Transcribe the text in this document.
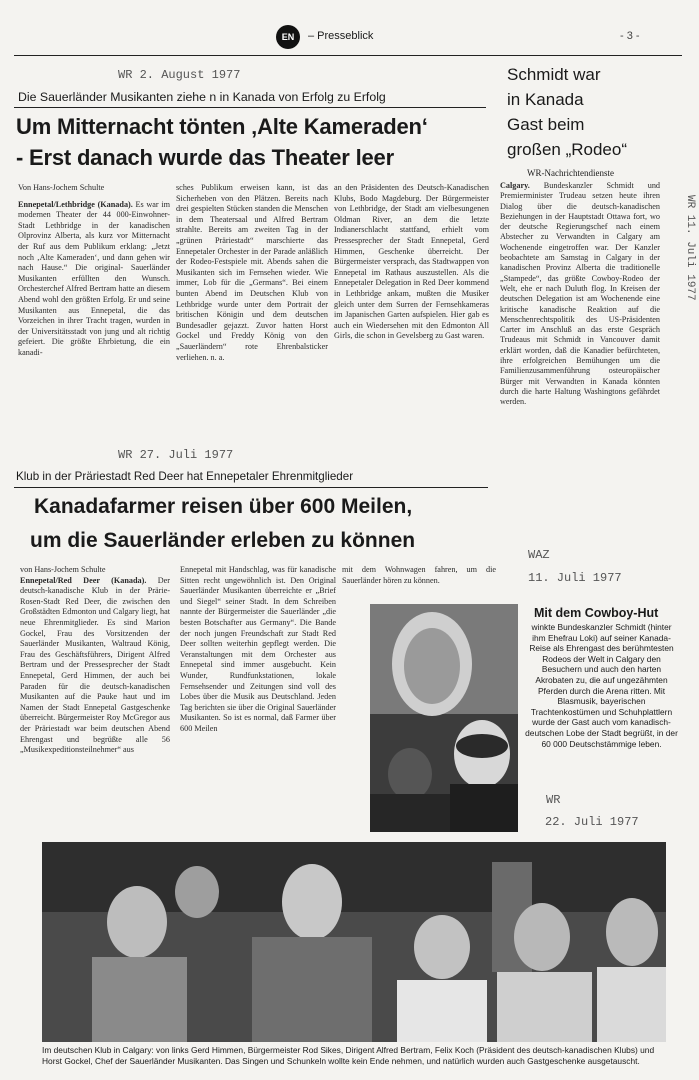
EN	– Presseblick	- 3 -
WR 2. August 1977
Die Sauerländer Musikanten ziehe n in Kanada von Erfolg zu Erfolg
Um Mitternacht tönten ‚Alte Kameraden‘
- Erst danach wurde das Theater leer
Von Hans-Jochem Schulte
Ennepetal/Lethbridge (Kanada). Es war im modernen Theater der 44 000-Einwohner-Stadt Lethbridge in der kanadischen Olprovinz Alberta, als kurz vor Mitternacht der Ruf aus dem Publikum erklang: „Jetzt noch ‚Alte Kameraden‘, und dann gehen wir nach Hause.“ Die original- Sauerländer Musikanten erfüllten den Wunsch. Orchesterchef Alfred Bertram hatte an diesem Abend wohl den größten Erfolg. Er und seine Musikanten aus Ennepetal, die das Vorzeichen in ihrer Tracht tragen, wurden in der Universitätsstadt von jung und alt richtig gefeiert. Die größte Ehrbietung, die ein kanadi-
sches Publikum erweisen kann, ist das Sicherheben von den Plätzen. Bereits nach drei gespielten Stücken standen die Menschen in dem Theatersaal und Alfred Bertram strahlte. Bereits am zweiten Tag in der „grünen Präriestadt“ marschierte das Ennepetaler Orchester in der Parade anläßlich der Rodeo-Festspiele mit. Abends sahen die Musikanten sich im Fernsehen wieder. Wie immer, Lob für die „Germans“. Bei einem bunten Abend im Deutschen Klub von Lethbridge wurde unter dem Portrait der britischen Königin und dem deutschen Bundesadler gejazzt. Zuvor hatten Horst Gockel und Freddy König von den „Sauerländern“ rote Ehrenbalsticker verliehen. n. a.
an den Präsidenten des Deutsch-Kanadischen Klubs, Bodo Magdeburg. Der Bürgermeister von Lethbridge, der Stadt am vielbesungenen Oldman River, an dem die letzte Indianerschlacht stattfand, erhielt vom Pressesprecher der Stadt Ennepetal, Gerd Himmen, Geschenke überreicht. Der Bürgermeister versprach, das Stadtwappen von Ennepetal im Rathaus auszustellen. Als die Ennepetaler Delegation in Red Deer kommend in Lethbridge ankam, mußten die Musiker gleich unter dem Surren der Fernsehkameras im Japanischen Garten aufspielen. Hier gab es auch ein Wiedersehen mit den Edmonton All Girls, die schon in Gevelsberg zu Gast waren.
Schmidt war
in Kanada
Gast beim
großen „Rodeo“
WR-Nachrichtendienste
Calgary. Bundeskanzler Schmidt und Premierminister Trudeau setzen heute ihren Dialog über die deutsch-kanadischen Beziehungen in der Hauptstadt Ottawa fort, wo der deutsche Regierungschef nach einem Abstecher zu Verwandten in Calgary am Wochenende eingetroffen war. Der Kanzler beobachtete am Samstag in Calgary in der kanadischen Provinz Alberta die traditionelle „Stampede“, das größte Cowboy-Rodeo der Welt, ehe er nach Duluth flog. In Kreisen der deutschen Delegation ist am Wochenende eine kritische kanadische Reaktion auf die Menschenrechtspolitik des US-Präsidenten Carter im Anschluß an das erste Gespräch Trudeaus mit Schmidt in Vancouver damit erklärt worden, daß die Kanadier befürchteten, ihre erfolgreichen Bemühungen um die Familienzusammenführung osteuropäischer Bürger mit Verwandten in Kanada könnten durch die harte Haltung Washingtons gefährdet werden.
WR 11. Juli 1977
WR 27. Juli 1977
Klub in der Präriestadt Red Deer hat Ennepetaler Ehrenmitglieder
Kanadafarmer reisen über 600 Meilen,
um die Sauerländer erleben zu können
von Hans-Jochem Schulte
Ennepetal/Red Deer (Kanada). Der deutsch-kanadische Klub in der Prärie-Rosen-Stadt Red Deer, die zwischen den Großstädten Edmonton und Calgary liegt, hat neue Ehrenmitglieder. Es sind Marion Gockel, Frau des Vorsitzenden der Sauerländer Musikanten, Waltraud König, Frau des Geschäftsführers, Dirigent Alfred Bertram und der Pressesprecher der Stadt Ennepetal, Gerd Himmen, der auch bei Paraden für die deutsch-kanadischen Musikanten auf die Pauke haut und im Namen der Stadt Ennepetal Gastgeschenke überreicht. Bürgermeister Roy McGregor aus der Präriestadt war beim deutschen Abend Ehrengast und begrüßte alle 56 „Musikexpeditionsteilnehmer“ aus
Ennepetal mit Handschlag, was für kanadische Sitten recht ungewöhnlich ist. Den Original Sauerländer Musikanten überreichte er „Brief und Siegel“ seiner Stadt. In dem Schreiben nannte der Bürgermeister die Sauerländer „die besten Botschafter aus Germany“. Die Bande der noch jungen Freundschaft zur Stadt Red Deer sollten weiterhin gepflegt werden. Die Veranstaltungen mit dem Orchester aus Ennepetal sind immer ausgebucht. Kein Wunder, Rundfunkstationen, lokale Fernsehsender und Zeitungen sind voll des Lobes über die Musik aus Deutschland. Jeden Tag berichten sie über die Original Sauerländer Musikanten. So ist es normal, daß Farmer über 600 Meilen
mit dem Wohnwagen fahren, um die Sauerländer hören zu können.
WAZ
11. Juli 1977
Mit dem Cowboy-Hut
winkte Bundeskanzler Schmidt (hinter ihm Ehefrau Loki) auf seiner Kanada-Reise als Ehrengast des berühmtesten Rodeos der Welt in Calgary den Besuchern und auch den harten Akrobaten zu, die auf ungezähmten Pferden durch die Arena ritten. Mit Blasmusik, bayerischen Trachtenkostümen und Schuhplattlern wurde der Gast auch vom kanadisch-deutschen Lobe der Stadt begrüßt, in der 60 000 Deutschstämmige leben.
WR
22. Juli 1977
Im deutschen Klub in Calgary: von links Gerd Himmen, Bürgermeister Rod Sikes, Dirigent Alfred Bertram, Felix Koch (Präsident des deutsch-kanadischen Klubs) und Horst Gockel, Chef der Sauerländer Musikanten. Das Singen und Schunkeln wollte kein Ende nehmen, und natürlich wurden auch Gastgeschenke ausgetauscht.
